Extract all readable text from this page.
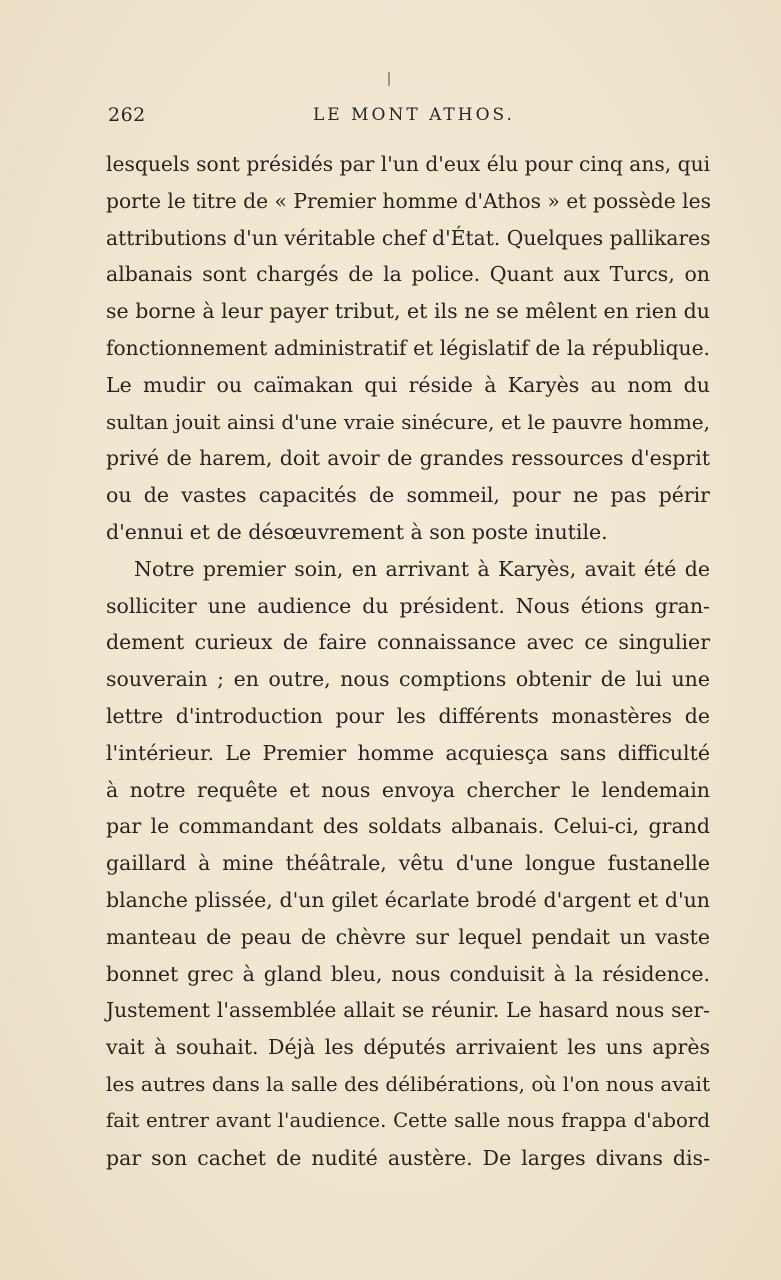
262	LE MONT ATHOS.
lesquels sont présidés par l'un d'eux élu pour cinq ans, qui
porte le titre de « Premier homme d'Athos » et possède les
attributions d'un véritable chef d'État. Quelques pallikares
albanais sont chargés de la police. Quant aux Turcs, on
se borne à leur payer tribut, et ils ne se mêlent en rien du
fonctionnement administratif et législatif de la république.
Le mudir ou caïmakan qui réside à Karyès au nom du
sultan jouit ainsi d'une vraie sinécure, et le pauvre homme,
privé de harem, doit avoir de grandes ressources d'esprit
ou de vastes capacités de sommeil, pour ne pas périr
d'ennui et de désœuvrement à son poste inutile.
Notre premier soin, en arrivant à Karyès, avait été de
solliciter une audience du président. Nous étions gran-
dement curieux de faire connaissance avec ce singulier
souverain ; en outre, nous comptions obtenir de lui une
lettre d'introduction pour les différents monastères de
l'intérieur. Le Premier homme acquiesça sans difficulté
à notre requête et nous envoya chercher le lendemain
par le commandant des soldats albanais. Celui-ci, grand
gaillard à mine théâtrale, vêtu d'une longue fustanelle
blanche plissée, d'un gilet écarlate brodé d'argent et d'un
manteau de peau de chèvre sur lequel pendait un vaste
bonnet grec à gland bleu, nous conduisit à la résidence.
Justement l'assemblée allait se réunir. Le hasard nous ser-
vait à souhait. Déjà les députés arrivaient les uns après
les autres dans la salle des délibérations, où l'on nous avait
fait entrer avant l'audience. Cette salle nous frappa d'abord
par son cachet de nudité austère. De larges divans dis-
